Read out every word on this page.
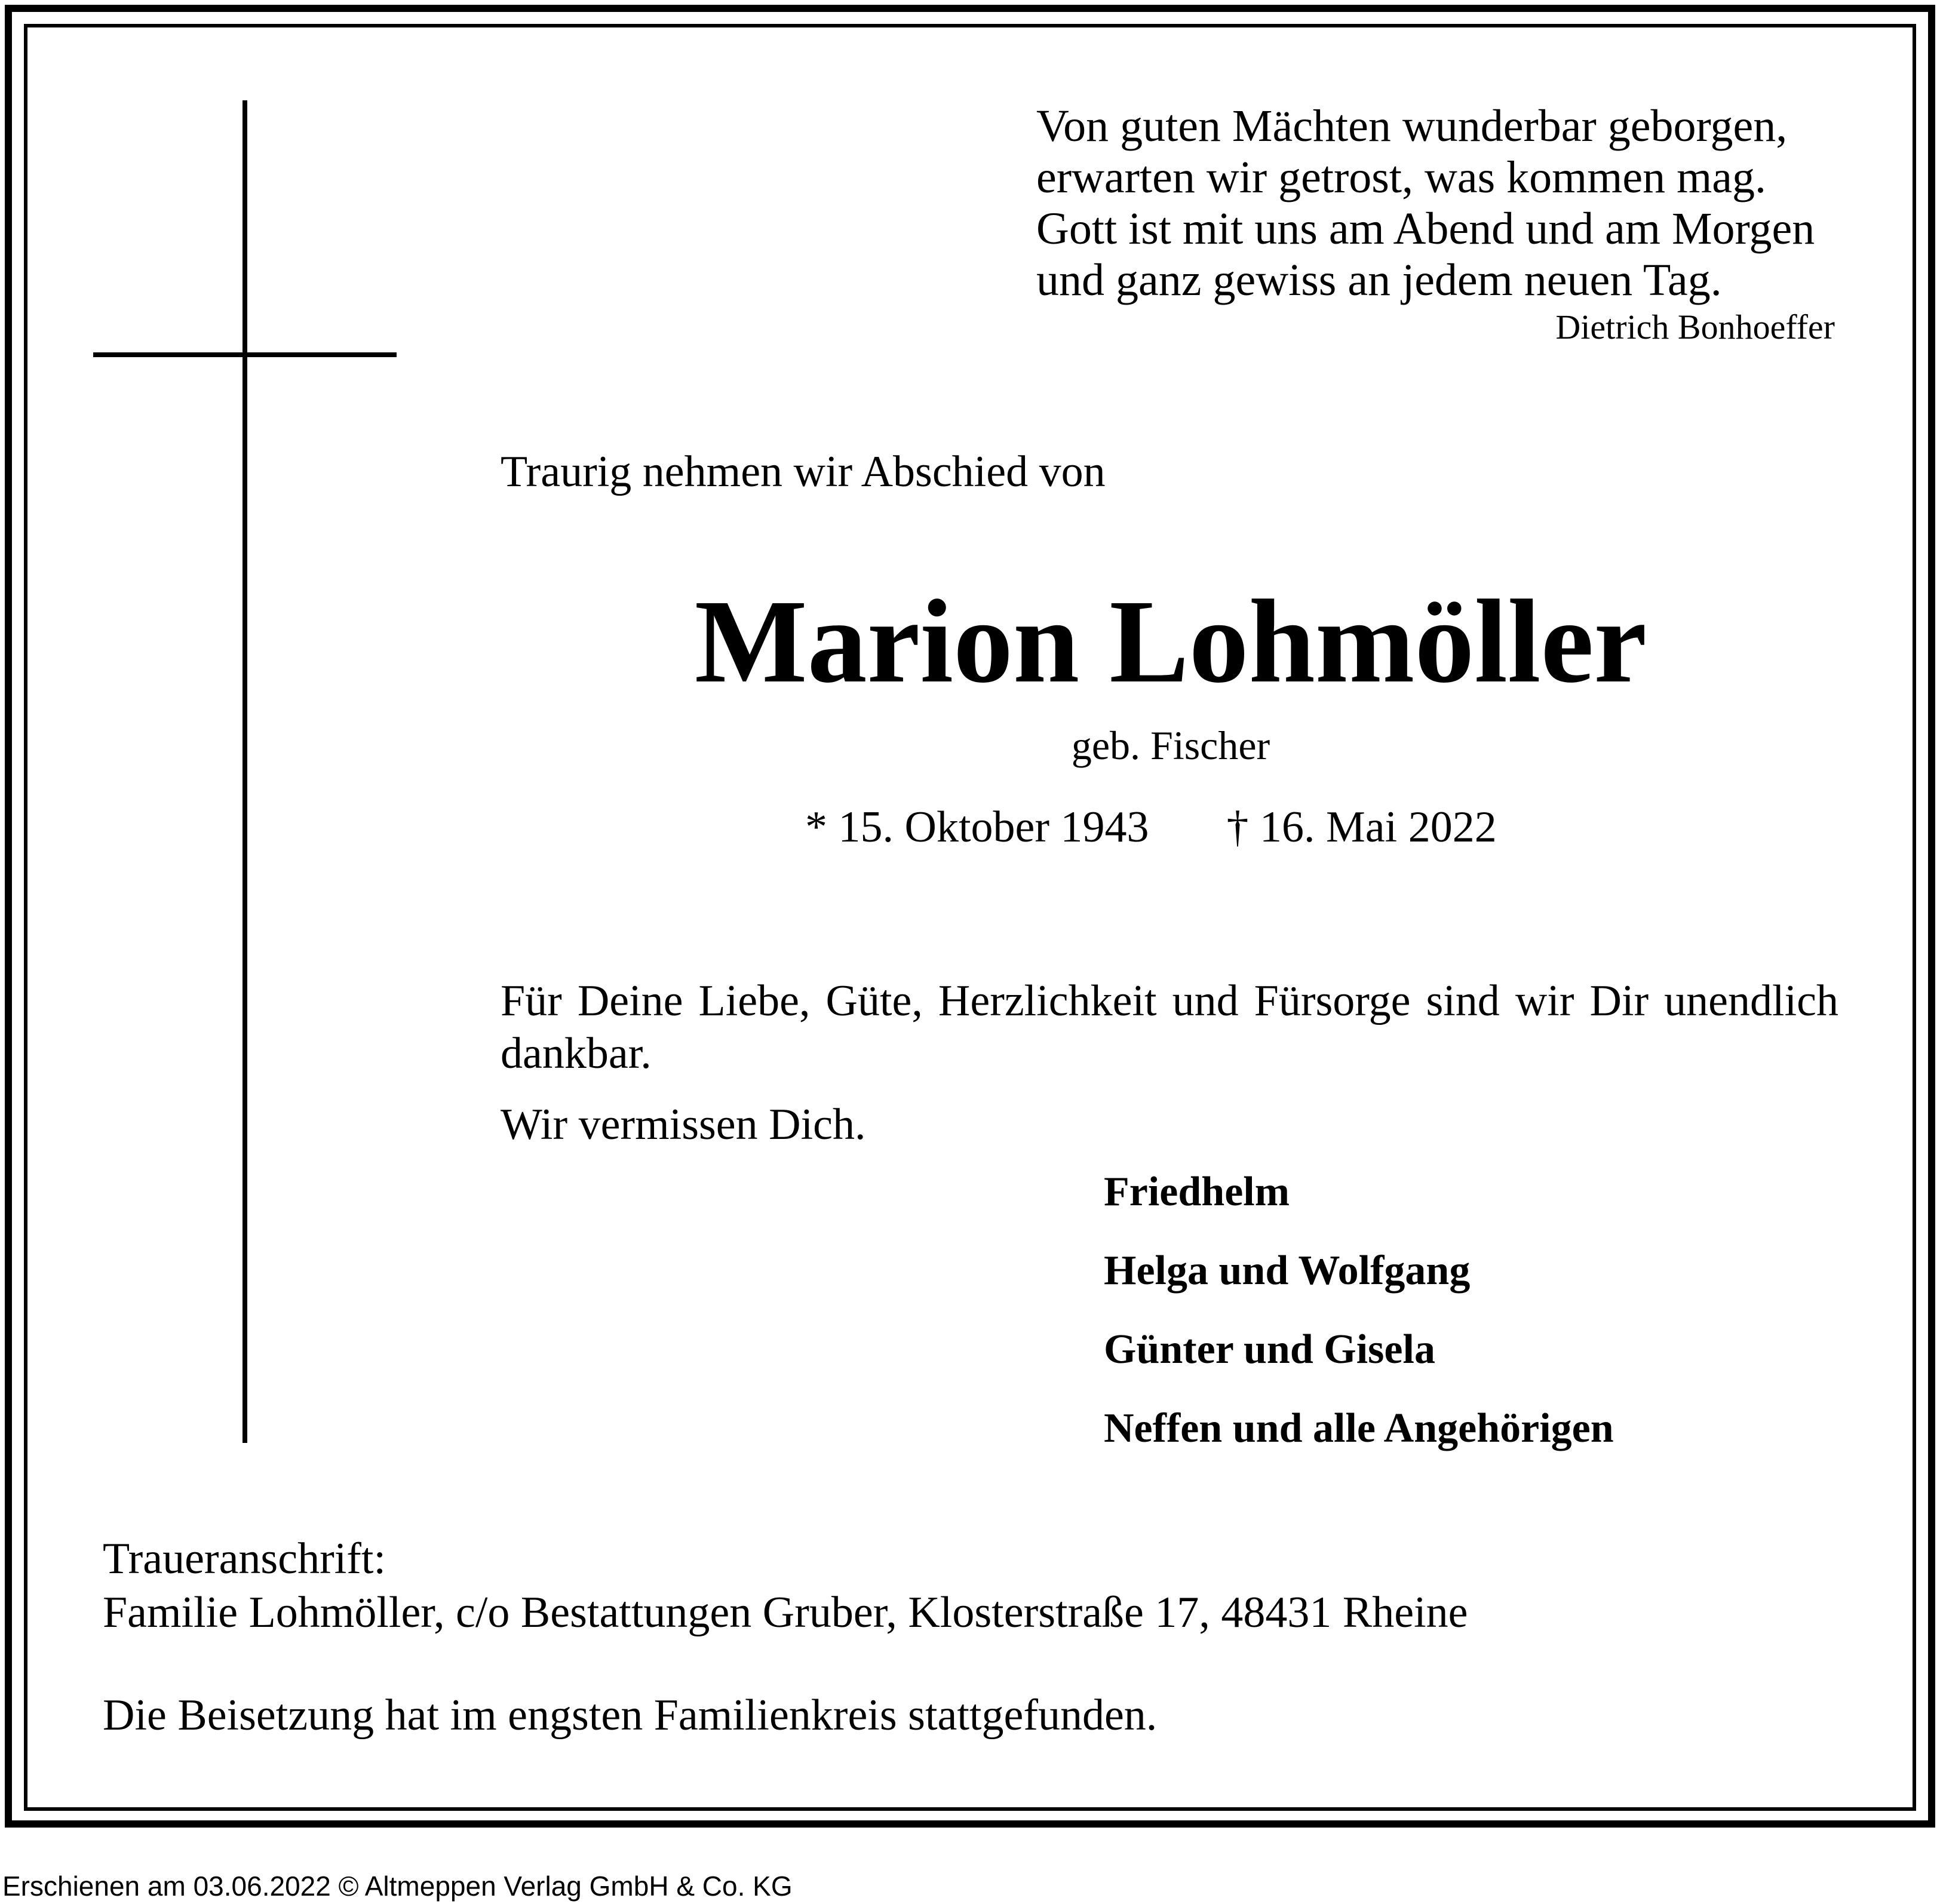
Von guten Mächten wunderbar geborgen,
erwarten wir getrost, was kommen mag.
Gott ist mit uns am Abend und am Morgen
und ganz gewiss an jedem neuen Tag.
Dietrich Bonhoeffer
Traurig nehmen wir Abschied von
Marion Lohmöller
geb. Fischer
* 15. Oktober 1943 † 16. Mai 2022
Für Deine Liebe, Güte, Herzlichkeit und Fürsorge sind wir Dir unendlich dankbar.
Wir vermissen Dich.
Friedhelm
Helga und Wolfgang
Günter und Gisela
Neffen und alle Angehörigen
Traueranschrift:
Familie Lohmöller, c/o Bestattungen Gruber, Klosterstraße 17, 48431 Rheine
Die Beisetzung hat im engsten Familienkreis stattgefunden.
Erschienen am 03.06.2022 © Altmeppen Verlag GmbH & Co. KG
